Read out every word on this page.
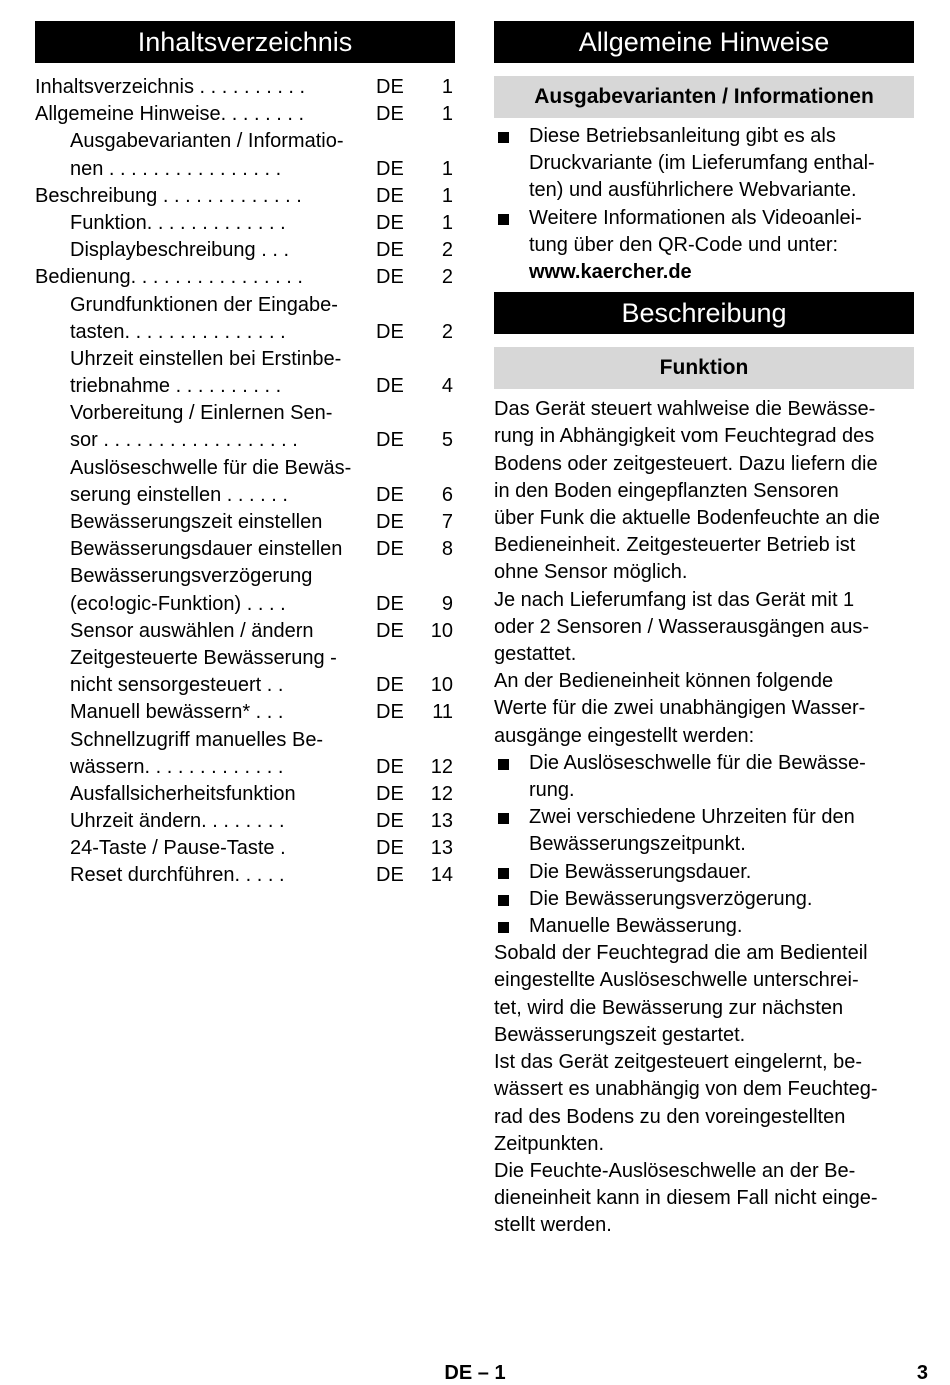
Inhaltsverzeichnis
Inhaltsverzeichnis . . . . . . . . . .	DE 1
Allgemeine Hinweise. . . . . . . .	DE 1
Ausgabevarianten / Informatio-
nen . . . . . . . . . . . . . . . .	DE 1
Beschreibung . . . . . . . . . . . . .	DE 1
Funktion. . . . . . . . . . . . .	DE 1
Displaybeschreibung . . .	DE 2
Bedienung. . . . . . . . . . . . . . . .	DE 2
Grundfunktionen der Eingabe-
tasten. . . . . . . . . . . . . . .	DE 2
Uhrzeit einstellen bei Erstinbe-
triebnahme . . . . . . . . . .	DE 4
Vorbereitung / Einlernen Sen-
sor . . . . . . . . . . . . . . . . . .	DE 5
Auslöseschwelle für die Bewäs-
serung einstellen . . . . . .	DE 6
Bewässerungszeit einstellen	DE 7
Bewässerungsdauer einstellen DE 8
Bewässerungsverzögerung
(eco!ogic-Funktion) . . . .	DE 9
Sensor auswählen / ändern	DE 10
Zeitgesteuerte Bewässerung -
nicht sensorgesteuert . .	DE 10
Manuell bewässern* . . .	DE 11
Schnellzugriff manuelles Be-
wässern. . . . . . . . . . . . .	DE 12
Ausfallsicherheitsfunktion	DE 12
Uhrzeit ändern. . . . . . . .	DE 13
24-Taste / Pause-Taste .	DE 13
Reset durchführen. . . . .	DE 14
Allgemeine Hinweise
Ausgabevarianten / Informationen
Diese Betriebsanleitung gibt es als
Druckvariante (im Lieferumfang enthal-
ten) und ausführlichere Webvariante.
Weitere Informationen als Videoanlei-
tung über den QR-Code und unter:
www.kaercher.de
Beschreibung
Funktion

Das Gerät steuert wahlweise die Bewässe-
rung in Abhängigkeit vom Feuchtegrad des
Bodens oder zeitgesteuert. Dazu liefern die
in den Boden eingepflanzten Sensoren
über Funk die aktuelle Bodenfeuchte an die
Bedieneinheit. Zeitgesteuerter Betrieb ist
ohne Sensor möglich.

Je nach Lieferumfang ist das Gerät mit 1
oder 2 Sensoren / Wasserausgängen aus-
gestattet.

An der Bedieneinheit können folgende
Werte für die zwei unabhängigen Wasser-
ausgänge eingestellt werden:

Die Auslöseschwelle für die Bewässe-
rung.
Zwei verschiedene Uhrzeiten für den
Bewässerungszeitpunkt.
Die Bewässerungsdauer.
Die Bewässerungsverzögerung.
Manuelle Bewässerung.

Sobald der Feuchtegrad die am Bedienteil
eingestellte Auslöseschwelle unterschrei-
tet, wird die Bewässerung zur nächsten
Bewässerungszeit gestartet.

Ist das Gerät zeitgesteuert eingelernt, be-
wässert es unabhängig von dem Feuchteg-
rad des Bodens zu den voreingestellten
Zeitpunkten.

Die Feuchte-Auslöseschwelle an der Be-
dieneinheit kann in diesem Fall nicht einge-
stellt werden.

DE – 1	3
